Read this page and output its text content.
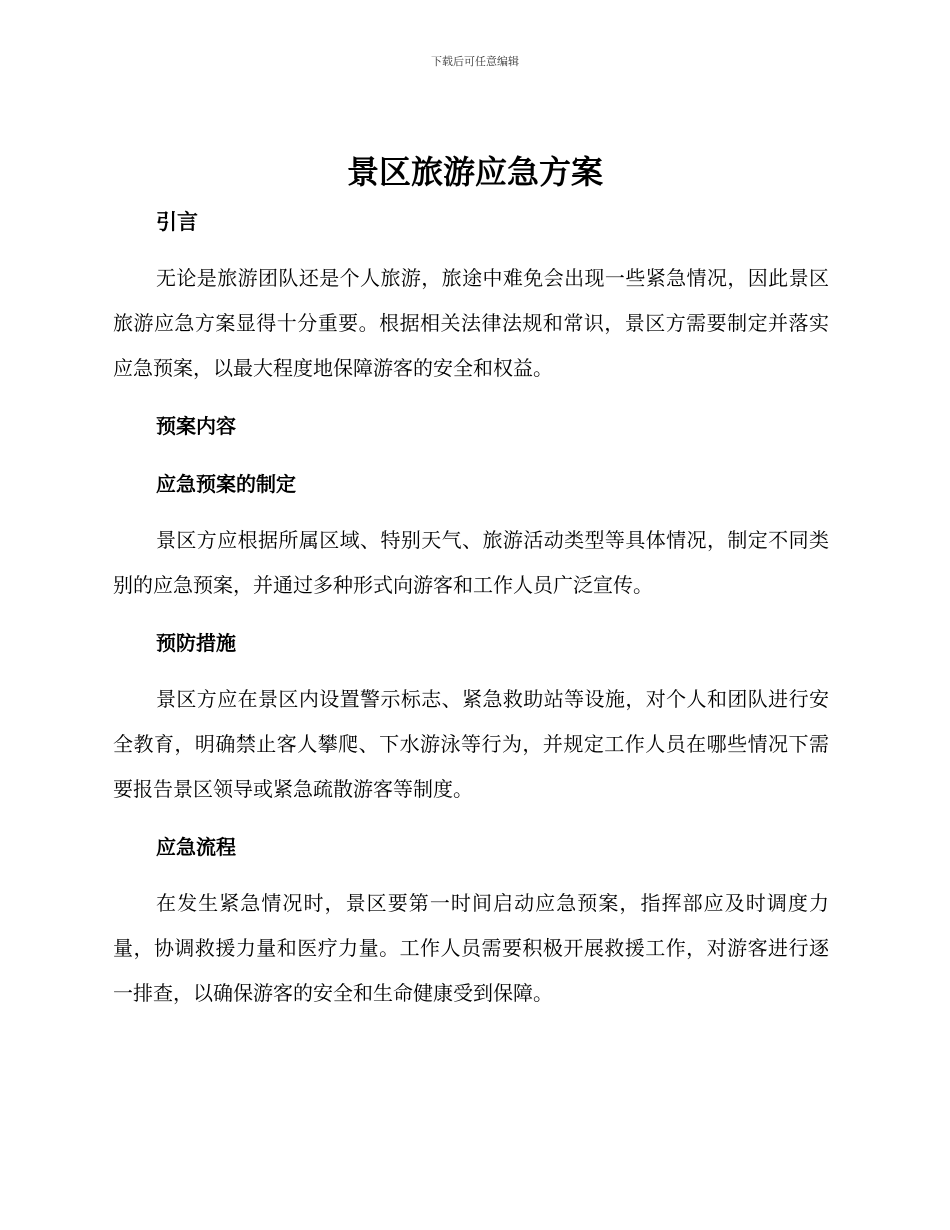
下载后可任意编辑
景区旅游应急方案
引言

无论是旅游团队还是个人旅游，旅途中难免会出现一些紧急情况，因此景区旅游应急方案显得十分重要。根据相关法律法规和常识，景区方需要制定并落实应急预案，以最大程度地保障游客的安全和权益。

预案内容
应急预案的制定

景区方应根据所属区域、特别天气、旅游活动类型等具体情况，制定不同类别的应急预案，并通过多种形式向游客和工作人员广泛宣传。

预防措施

景区方应在景区内设置警示标志、紧急救助站等设施，对个人和团队进行安全教育，明确禁止客人攀爬、下水游泳等行为，并规定工作人员在哪些情况下需要报告景区领导或紧急疏散游客等制度。

应急流程

在发生紧急情况时，景区要第一时间启动应急预案，指挥部应及时调度力量，协调救援力量和医疗力量。工作人员需要积极开展救援工作，对游客进行逐一排查，以确保游客的安全和生命健康受到保障。
